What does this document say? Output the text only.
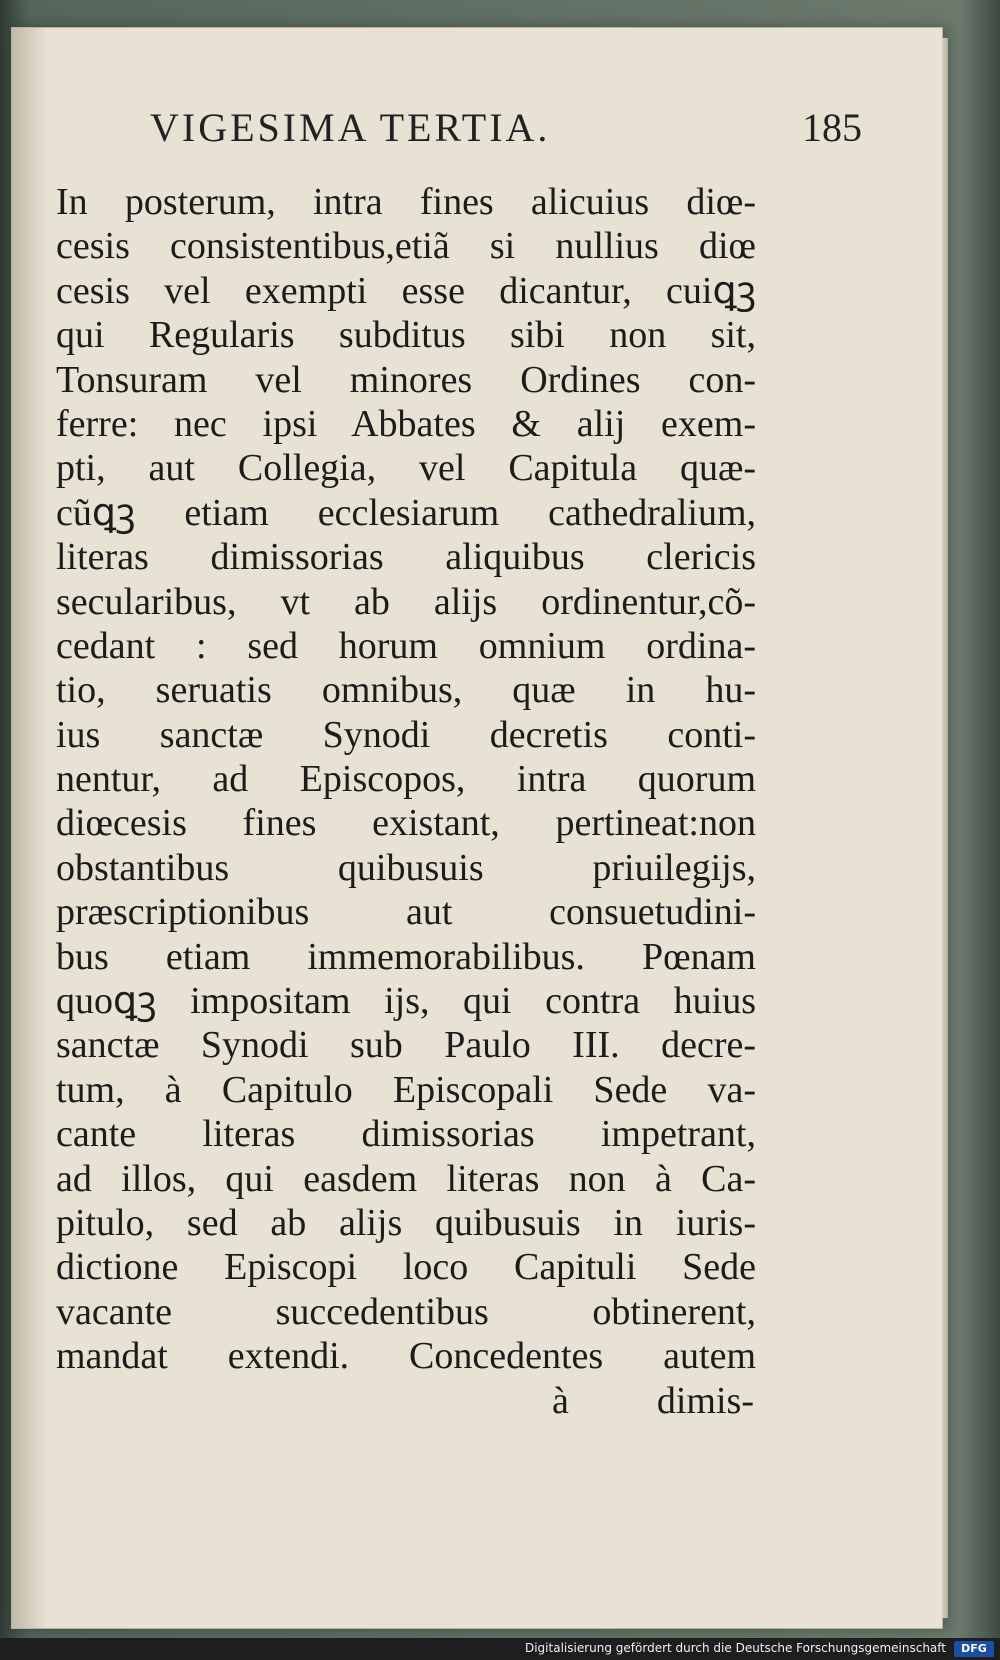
VIGESIMA TERTIA.	185
In posterum, intra fines alicuius diœ-
cesis consistentibus,etiã si nullius diœ
cesis vel exempti esse dicantur, cuiꝗꝫ
qui Regularis subditus sibi non sit,
Tonsuram vel minores Ordines con-
ferre: nec ipsi Abbates & alij exem-
pti, aut Collegia, vel Capitula quæ-
cũꝗꝫ etiam ecclesiarum cathedralium,
literas dimissorias aliquibus clericis
secularibus, vt ab alijs ordinentur,cõ-
cedant : sed horum omnium ordina-
tio, seruatis omnibus, quæ in hu-
ius sanctæ Synodi decretis conti-
nentur, ad Episcopos, intra quorum
diœcesis fines existant, pertineat:non
obstantibus quibusuis priuilegijs,
præscriptionibus aut consuetudini-
bus etiam immemorabilibus. Pœnam
quoꝗꝫ impositam ijs, qui contra huius
sanctæ Synodi sub Paulo III. decre-
tum, à Capitulo Episcopali Sede va-
cante literas dimissorias impetrant,
ad illos, qui easdem literas non à Ca-
pitulo, sed ab alijs quibusuis in iuris-
dictione Episcopi loco Capituli Sede
vacante succedentibus obtinerent,
mandat extendi. Concedentes autem
à dimis-
Digitalisierung gefördert durch die Deutsche Forschungsgemeinschaft	DFG
